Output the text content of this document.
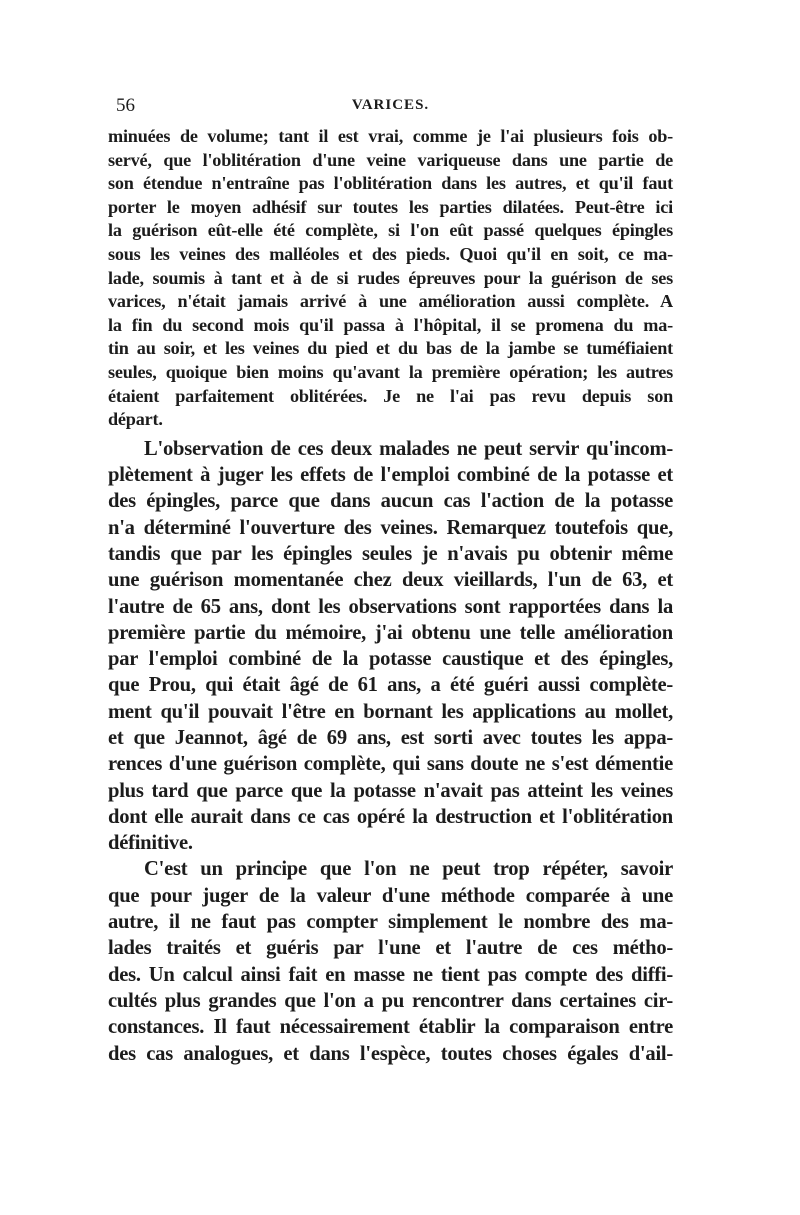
56	VARICES.
minuées de volume; tant il est vrai, comme je l'ai plusieurs fois ob-
servé, que l'oblitération d'une veine variqueuse dans une partie de
son étendue n'entraîne pas l'oblitération dans les autres, et qu'il faut
porter le moyen adhésif sur toutes les parties dilatées. Peut-être ici
la guérison eût-elle été complète, si l'on eût passé quelques épingles
sous les veines des malléoles et des pieds. Quoi qu'il en soit, ce ma-
lade, soumis à tant et à de si rudes épreuves pour la guérison de ses
varices, n'était jamais arrivé à une amélioration aussi complète. A
la fin du second mois qu'il passa à l'hôpital, il se promena du ma-
tin au soir, et les veines du pied et du bas de la jambe se tuméfiaient
seules, quoique bien moins qu'avant la première opération; les autres
étaient parfaitement oblitérées. Je ne l'ai pas revu depuis son
départ.
L'observation de ces deux malades ne peut servir qu'incom-
plètement à juger les effets de l'emploi combiné de la potasse et
des épingles, parce que dans aucun cas l'action de la potasse
n'a déterminé l'ouverture des veines. Remarquez toutefois que,
tandis que par les épingles seules je n'avais pu obtenir même
une guérison momentanée chez deux vieillards, l'un de 63, et
l'autre de 65 ans, dont les observations sont rapportées dans la
première partie du mémoire, j'ai obtenu une telle amélioration
par l'emploi combiné de la potasse caustique et des épingles,
que Prou, qui était âgé de 61 ans, a été guéri aussi complète-
ment qu'il pouvait l'être en bornant les applications au mollet,
et que Jeannot, âgé de 69 ans, est sorti avec toutes les appa-
rences d'une guérison complète, qui sans doute ne s'est démentie
plus tard que parce que la potasse n'avait pas atteint les veines
dont elle aurait dans ce cas opéré la destruction et l'oblitération
définitive.
C'est un principe que l'on ne peut trop répéter, savoir
que pour juger de la valeur d'une méthode comparée à une
autre, il ne faut pas compter simplement le nombre des ma-
lades traités et guéris par l'une et l'autre de ces métho-
des. Un calcul ainsi fait en masse ne tient pas compte des diffi-
cultés plus grandes que l'on a pu rencontrer dans certaines cir-
constances. Il faut nécessairement établir la comparaison entre
des cas analogues, et dans l'espèce, toutes choses égales d'ail-
